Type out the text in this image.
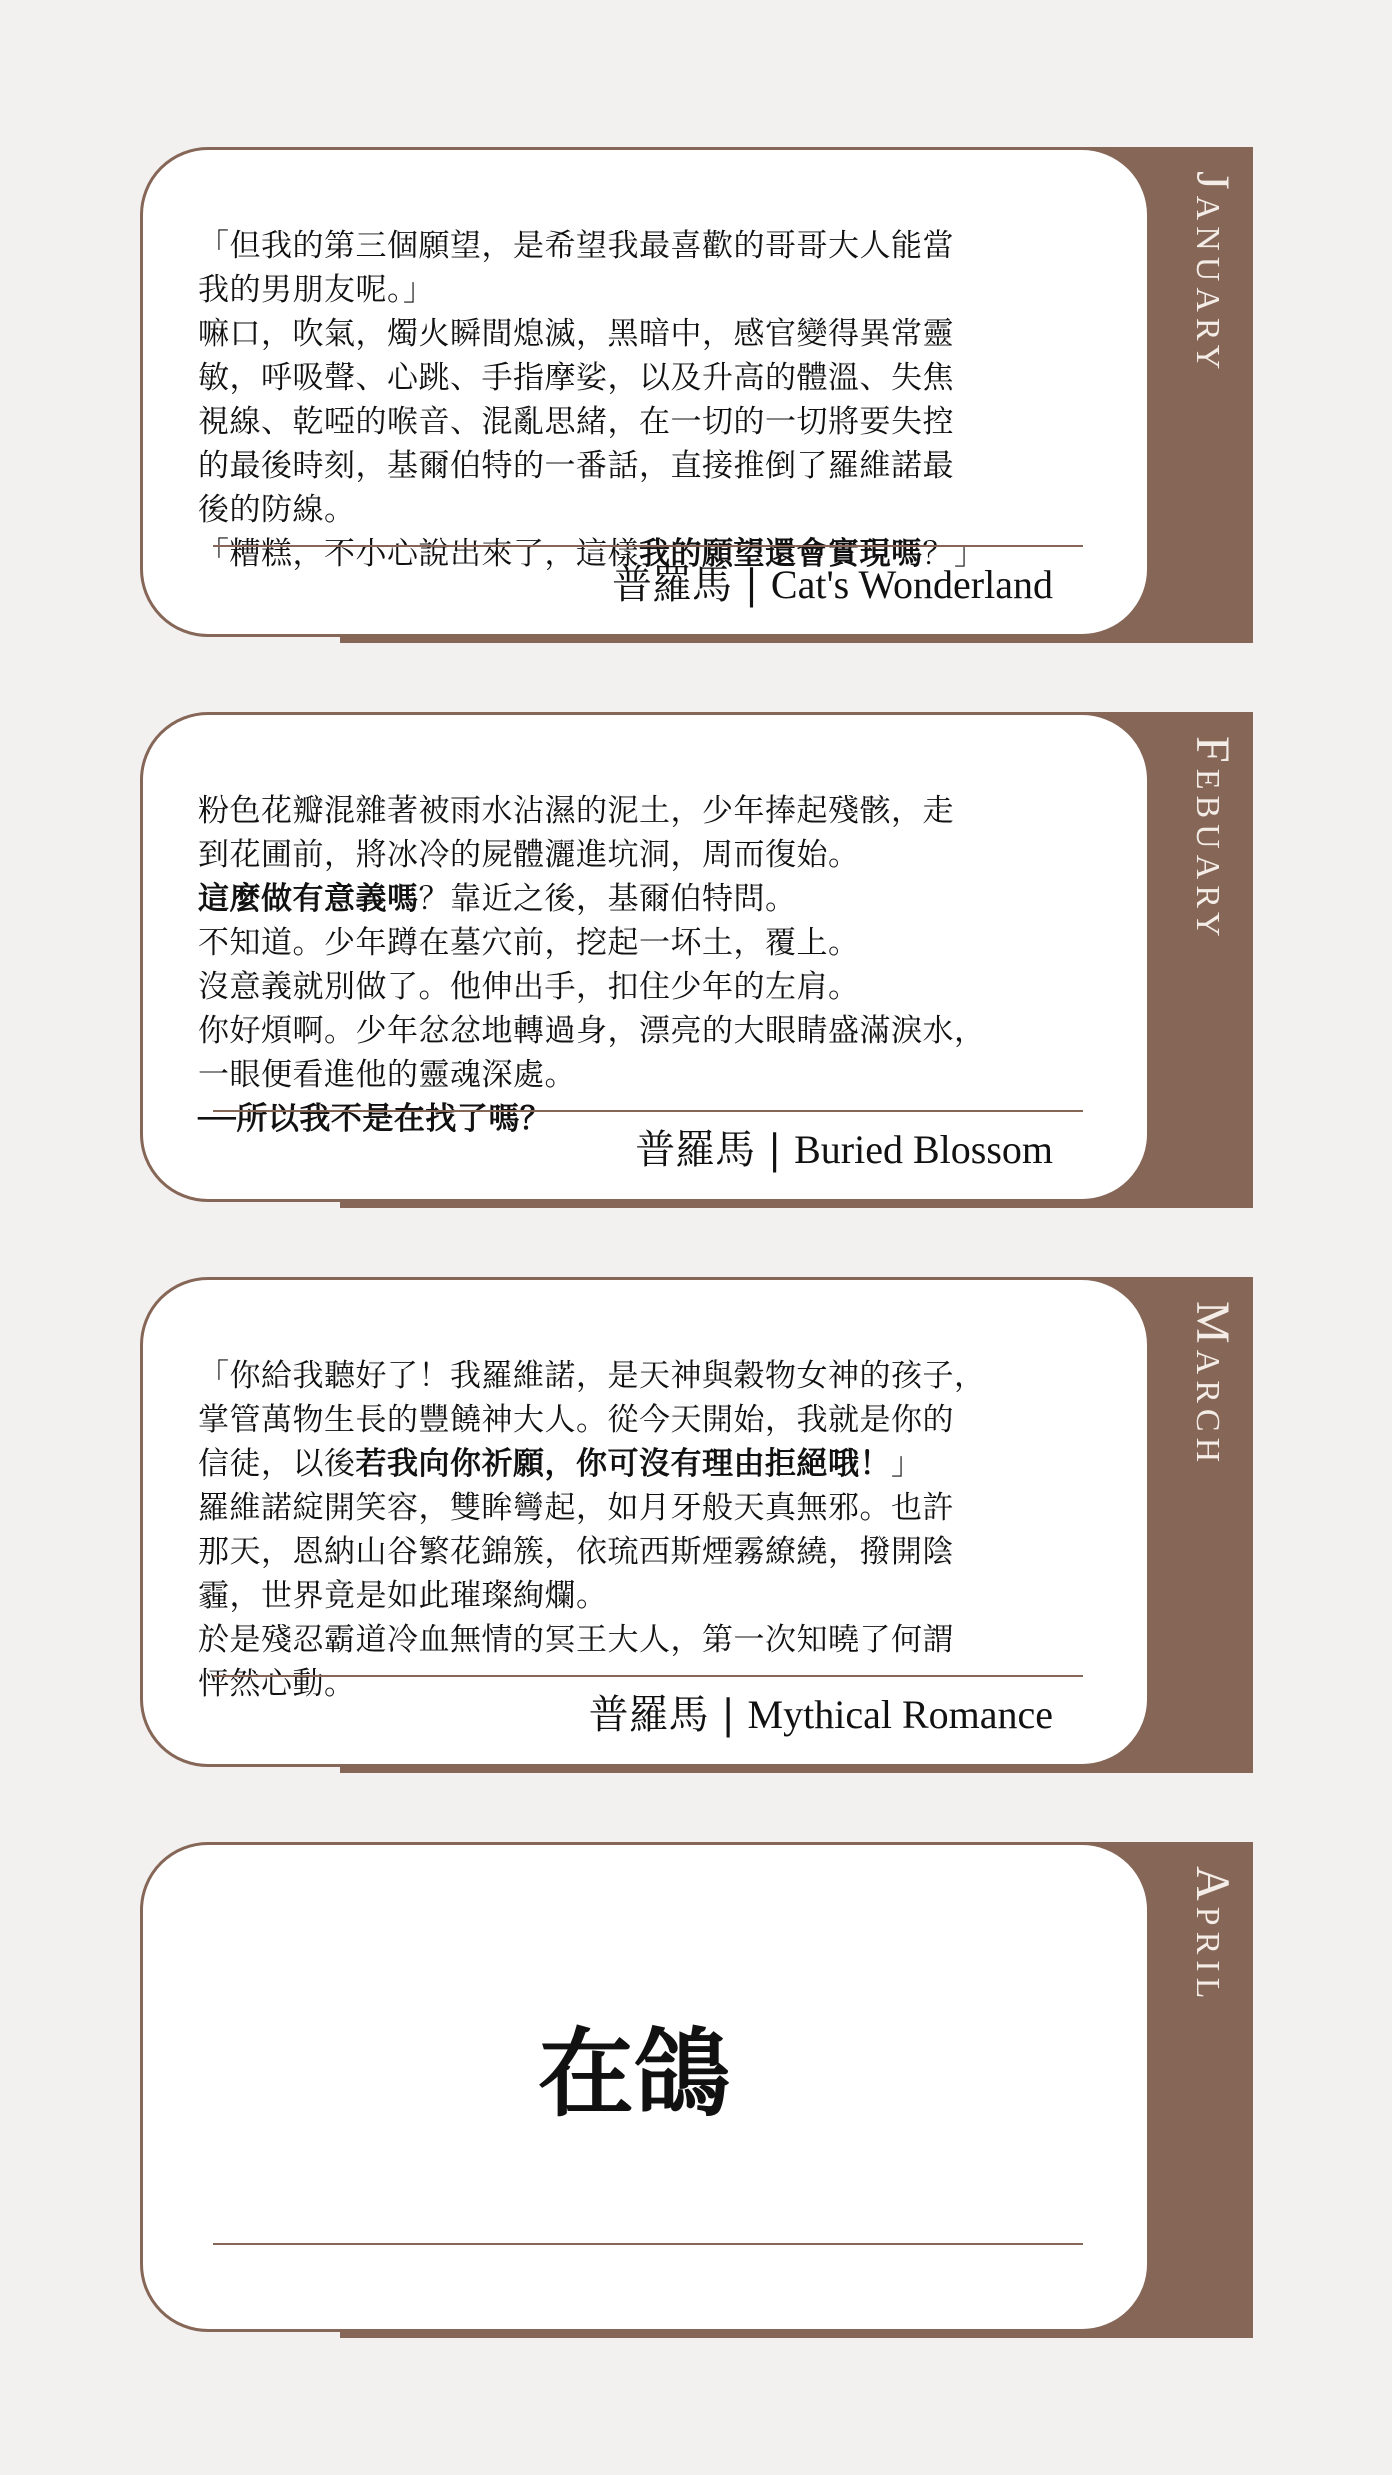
January

「但我的第三個願望，是希望我最喜歡的哥哥大人能當
我的男朋友呢。」
嘛口，吹氣，燭火瞬間熄滅，黑暗中，感官變得異常靈
敏，呼吸聲、心跳、手指摩娑，以及升高的體溫、失焦
視線、乾啞的喉音、混亂思緒，在一切的一切將要失控
的最後時刻，基爾伯特的一番話，直接推倒了羅維諾最
後的防線。
「糟糕，不小心說出來了，這樣我的願望還會實現嗎？」

普羅馬 | Cat's Wonderland
Febuary

粉色花瓣混雜著被雨水沾濕的泥土，少年捧起殘骸，走
到花圃前，將冰冷的屍體灑進坑洞，周而復始。
這麼做有意義嗎？靠近之後，基爾伯特問。
不知道。少年蹲在墓穴前，挖起一坏土，覆上。
沒意義就別做了。他伸出手，扣住少年的左肩。
你好煩啊。少年忿忿地轉過身，漂亮的大眼睛盛滿淚水，
一眼便看進他的靈魂深處。
──所以我不是在找了嗎？

普羅馬 | Buried Blossom
March

「你給我聽好了！我羅維諾，是天神與穀物女神的孩子，
掌管萬物生長的豐饒神大人。從今天開始，我就是你的
信徒，以後若我向你祈願，你可沒有理由拒絕哦！」
羅維諾綻開笑容，雙眸彎起，如月牙般天真無邪。也許
那天，恩納山谷繁花錦簇，依琉西斯煙霧繚繞，撥開陰
霾，世界竟是如此璀璨絢爛。
於是殘忍霸道冷血無情的冥王大人，第一次知曉了何謂
怦然心動。

普羅馬 | Mythical Romance
April
在鴿
